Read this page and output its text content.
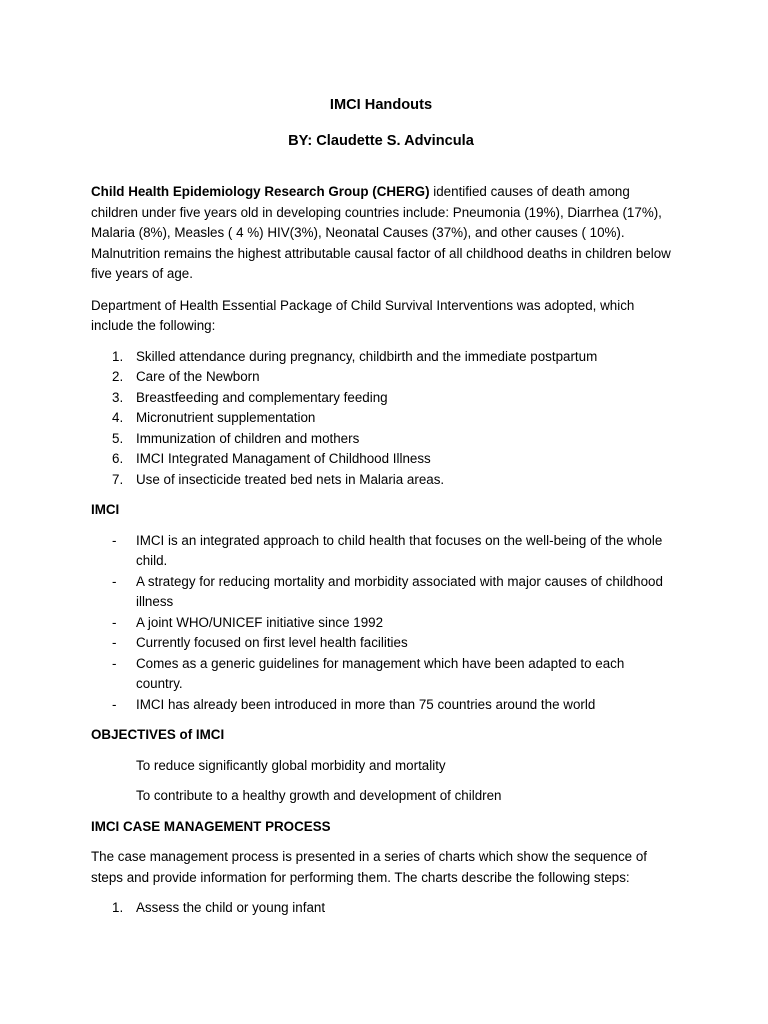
IMCI Handouts
BY: Claudette S. Advincula

Child Health Epidemiology Research Group (CHERG) identified causes of death among children under five years old in developing countries include: Pneumonia (19%), Diarrhea (17%), Malaria (8%), Measles ( 4 %) HIV(3%), Neonatal Causes (37%), and other causes ( 10%). Malnutrition remains the highest attributable causal factor of all childhood deaths in children below five years of age.

Department of Health Essential Package of Child Survival Interventions was adopted, which include the following:

1. Skilled attendance during pregnancy, childbirth and the immediate postpartum
2. Care of the Newborn
3. Breastfeeding and complementary feeding
4. Micronutrient supplementation
5. Immunization of children and mothers
6. IMCI Integrated Managament of Childhood Illness
7. Use of insecticide treated bed nets in Malaria areas.

IMCI

- IMCI is an integrated approach to child health that focuses on the well-being of the whole child.
- A strategy for reducing mortality and morbidity associated with major causes of childhood illness
- A joint WHO/UNICEF initiative since 1992
- Currently focused on first level health facilities
- Comes as a generic guidelines for management which have been adapted to each country.
- IMCI has already been introduced in more than 75 countries around the world

OBJECTIVES of IMCI

To reduce significantly global morbidity and mortality

To contribute to a healthy growth and development of children

IMCI CASE MANAGEMENT PROCESS

The case management process is presented in a series of charts which show the sequence of steps and provide information for performing them. The charts describe the following steps:

1. Assess the child or young infant
